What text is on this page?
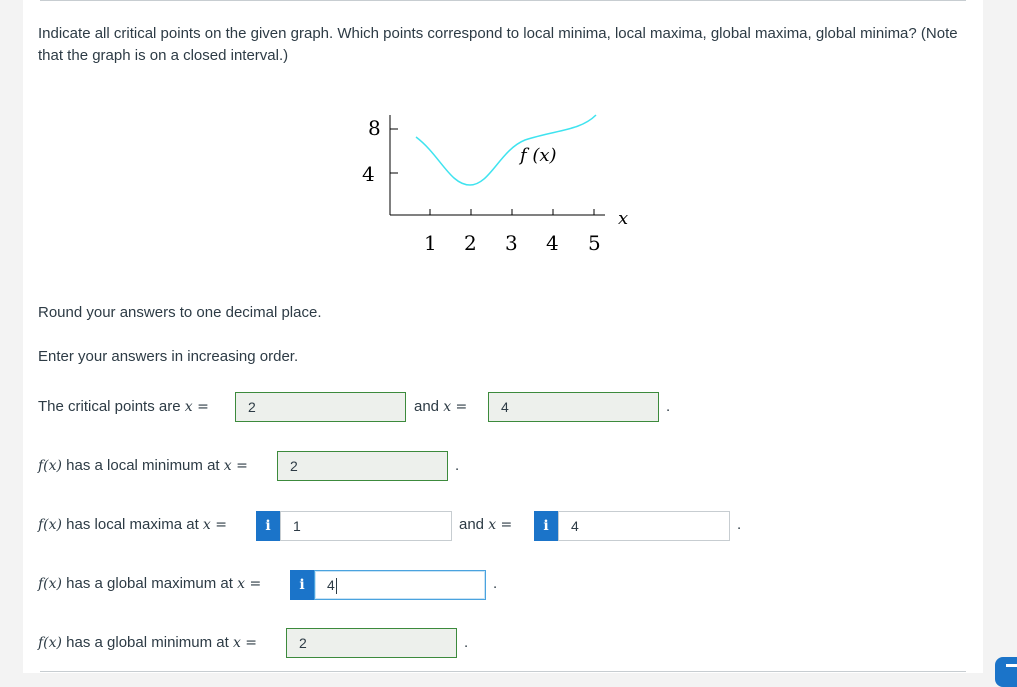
Indicate all critical points on the given graph. Which points correspond to local minima, local maxima, global maxima, global minima? (Note that the graph is on a closed interval.)
8
4
1 2 3 4 5
x
f (x)
Round your answers to one decimal place.
Enter your answers in increasing order.
The critical points are x =	2	and x =	4	.
f(x) has a local minimum at x =	2	.
f(x) has local maxima at x =	i	1	and x =	i	4	.
f(x) has a global maximum at x =	i	4	.
f(x) has a global minimum at x =	2	.
